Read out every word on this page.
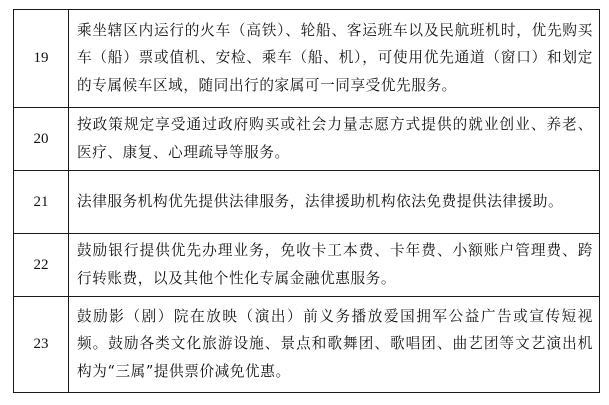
19	乘坐辖区内运行的火车（高铁）、轮船、客运班车以及民航班机时，优先购买车（船）票或值机、安检、乘车（船、机），可使用优先通道（窗口）和划定的专属候车区域，随同出行的家属可一同享受优先服务。
20	按政策规定享受通过政府购买或社会力量志愿方式提供的就业创业、养老、医疗、康复、心理疏导等服务。
21	法律服务机构优先提供法律服务，法律援助机构依法免费提供法律援助。
22	鼓励银行提供优先办理业务，免收卡工本费、卡年费、小额账户管理费、跨行转账费，以及其他个性化专属金融优惠服务。
23	鼓励影（剧）院在放映（演出）前义务播放爱国拥军公益广告或宣传短视频。鼓励各类文化旅游设施、景点和歌舞团、歌唱团、曲艺团等文艺演出机构为“三属”提供票价减免优惠。
